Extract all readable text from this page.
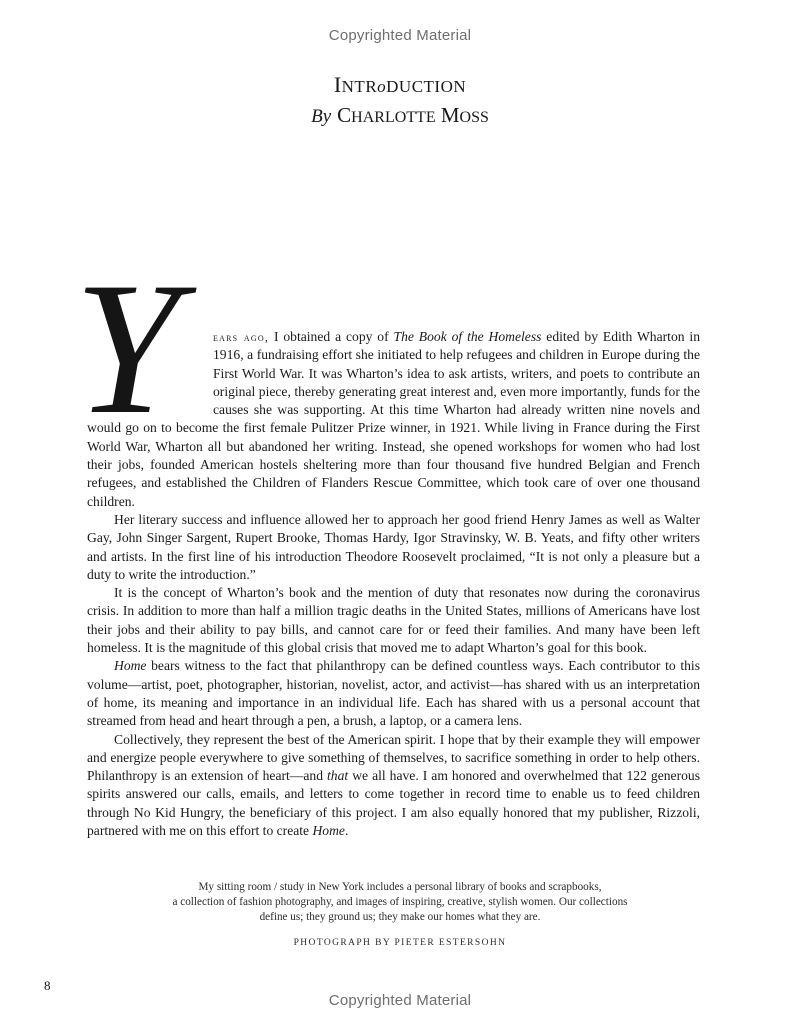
Copyrighted Material
INTRoDUCTION
By CHARLOTTE MOSS
Y	ears ago, I obtained a copy of The Book of the Homeless edited by Edith Wharton in 1916, a fundraising effort she initiated to help refugees and children in Europe during the First World War. It was Wharton’s idea to ask artists, writers, and poets to contribute an original piece, thereby generating great interest and, even more importantly, funds for the causes she was supporting. At this time Wharton had already written nine novels and would go on to become the first female Pulitzer Prize winner, in 1921. While living in France during the First World War, Wharton all but abandoned her writing. Instead, she opened workshops for women who had lost their jobs, founded American hostels sheltering more than four thousand five hundred Belgian and French refugees, and established the Children of Flanders Rescue Committee, which took care of over one thousand children.

Her literary success and influence allowed her to approach her good friend Henry James as well as Walter Gay, John Singer Sargent, Rupert Brooke, Thomas Hardy, Igor Stravinsky, W. B. Yeats, and fifty other writers and artists. In the first line of his introduction Theodore Roosevelt proclaimed, “It is not only a pleasure but a duty to write the introduction.”

It is the concept of Wharton’s book and the mention of duty that resonates now during the coronavirus crisis. In addition to more than half a million tragic deaths in the United States, millions of Americans have lost their jobs and their ability to pay bills, and cannot care for or feed their families. And many have been left homeless. It is the magnitude of this global crisis that moved me to adapt Wharton’s goal for this book.

Home bears witness to the fact that philanthropy can be defined countless ways. Each contributor to this volume—artist, poet, photographer, historian, novelist, actor, and activist—has shared with us an interpretation of home, its meaning and importance in an individual life. Each has shared with us a personal account that streamed from head and heart through a pen, a brush, a laptop, or a camera lens.

Collectively, they represent the best of the American spirit. I hope that by their example they will empower and energize people everywhere to give something of themselves, to sacrifice something in order to help others. Philanthropy is an extension of heart—and that we all have. I am honored and overwhelmed that 122 generous spirits answered our calls, emails, and letters to come together in record time to enable us to feed children through No Kid Hungry, the beneficiary of this project. I am also equally honored that my publisher, Rizzoli, partnered with me on this effort to create Home.

My sitting room / study in New York includes a personal library of books and scrapbooks,
a collection of fashion photography, and images of inspiring, creative, stylish women. Our collections
define us; they ground us; they make our homes what they are.
PHOTOGRAPH BY PIETER ESTERSOHN
8
Copyrighted Material
